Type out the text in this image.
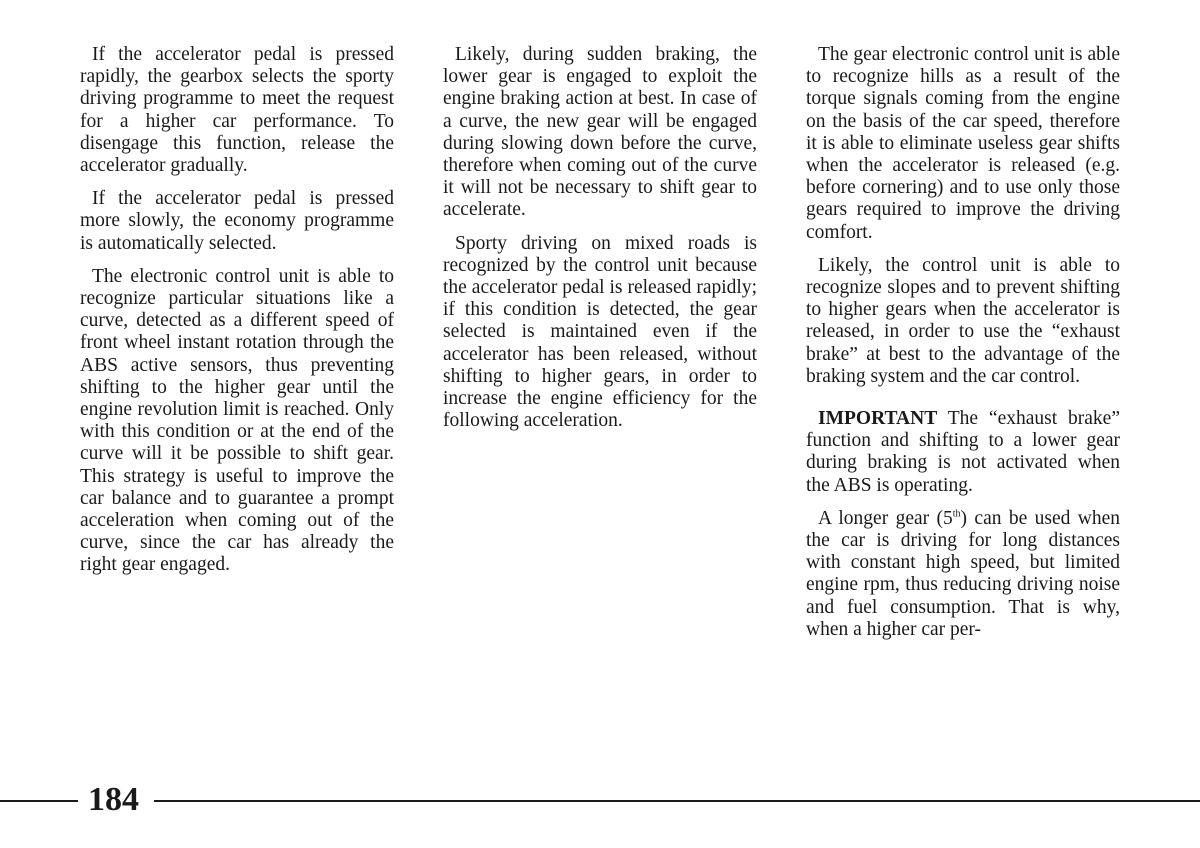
If the accelerator pedal is pressed rapidly, the gearbox selects the sporty driving programme to meet the request for a higher car performance. To disengage this function, release the accelerator gradually.

If the accelerator pedal is pressed more slowly, the economy programme is automatically selected.

The electronic control unit is able to recognize particular situations like a curve, detected as a different speed of front wheel instant rotation through the ABS active sensors, thus preventing shifting to the higher gear until the engine revolution limit is reached. Only with this condition or at the end of the curve will it be possible to shift gear. This strategy is useful to improve the car balance and to guarantee a prompt acceleration when coming out of the curve, since the car has already the right gear engaged.

Likely, during sudden braking, the lower gear is engaged to exploit the engine braking action at best. In case of a curve, the new gear will be engaged during slowing down before the curve, therefore when coming out of the curve it will not be necessary to shift gear to accelerate.

Sporty driving on mixed roads is recognized by the control unit because the accelerator pedal is released rapidly; if this condition is detected, the gear selected is maintained even if the accelerator has been released, without shifting to higher gears, in order to increase the engine efficiency for the following acceleration.

The gear electronic control unit is able to recognize hills as a result of the torque signals coming from the engine on the basis of the car speed, therefore it is able to eliminate useless gear shifts when the accelerator is released (e.g. before cornering) and to use only those gears required to improve the driving comfort.

Likely, the control unit is able to recognize slopes and to prevent shifting to higher gears when the accelerator is released, in order to use the “exhaust brake” at best to the advantage of the braking system and the car control.

IMPORTANT The “exhaust brake” function and shifting to a lower gear during braking is not activated when the ABS is operating.

A longer gear (5th) can be used when the car is driving for long distances with constant high speed, but limited engine rpm, thus reducing driving noise and fuel consumption. That is why, when a higher car per-

184
